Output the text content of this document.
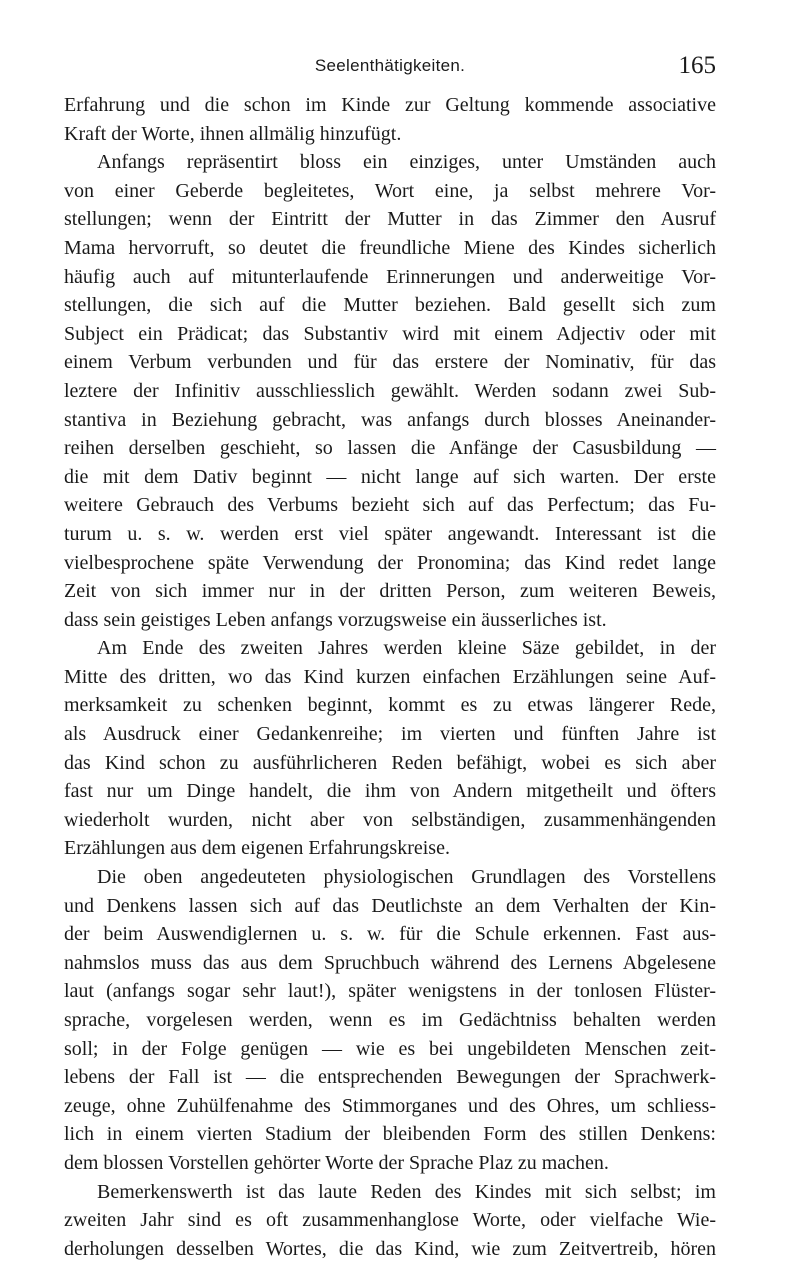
Seelenthätigkeiten.	165
Erfahrung und die schon im Kinde zur Geltung kommende associative
Kraft der Worte, ihnen allmälig hinzufügt.
Anfangs repräsentirt bloss ein einziges, unter Umständen auch
von einer Geberde begleitetes, Wort eine, ja selbst mehrere Vor-
stellungen; wenn der Eintritt der Mutter in das Zimmer den Ausruf
Mama hervorruft, so deutet die freundliche Miene des Kindes sicherlich
häufig auch auf mitunterlaufende Erinnerungen und anderweitige Vor-
stellungen, die sich auf die Mutter beziehen. Bald gesellt sich zum
Subject ein Prädicat; das Substantiv wird mit einem Adjectiv oder mit
einem Verbum verbunden und für das erstere der Nominativ, für das
leztere der Infinitiv ausschliesslich gewählt. Werden sodann zwei Sub-
stantiva in Beziehung gebracht, was anfangs durch blosses Aneinander-
reihen derselben geschieht, so lassen die Anfänge der Casusbildung —
die mit dem Dativ beginnt — nicht lange auf sich warten. Der erste
weitere Gebrauch des Verbums bezieht sich auf das Perfectum; das Fu-
turum u. s. w. werden erst viel später angewandt. Interessant ist die
vielbesprochene späte Verwendung der Pronomina; das Kind redet lange
Zeit von sich immer nur in der dritten Person, zum weiteren Beweis,
dass sein geistiges Leben anfangs vorzugsweise ein äusserliches ist.
Am Ende des zweiten Jahres werden kleine Säze gebildet, in der
Mitte des dritten, wo das Kind kurzen einfachen Erzählungen seine Auf-
merksamkeit zu schenken beginnt, kommt es zu etwas längerer Rede,
als Ausdruck einer Gedankenreihe; im vierten und fünften Jahre ist
das Kind schon zu ausführlicheren Reden befähigt, wobei es sich aber
fast nur um Dinge handelt, die ihm von Andern mitgetheilt und öfters
wiederholt wurden, nicht aber von selbständigen, zusammenhängenden
Erzählungen aus dem eigenen Erfahrungskreise.
Die oben angedeuteten physiologischen Grundlagen des Vorstellens
und Denkens lassen sich auf das Deutlichste an dem Verhalten der Kin-
der beim Auswendiglernen u. s. w. für die Schule erkennen. Fast aus-
nahmslos muss das aus dem Spruchbuch während des Lernens Abgelesene
laut (anfangs sogar sehr laut!), später wenigstens in der tonlosen Flüster-
sprache, vorgelesen werden, wenn es im Gedächtniss behalten werden
soll; in der Folge genügen — wie es bei ungebildeten Menschen zeit-
lebens der Fall ist — die entsprechenden Bewegungen der Sprachwerk-
zeuge, ohne Zuhülfenahme des Stimmorganes und des Ohres, um schliess-
lich in einem vierten Stadium der bleibenden Form des stillen Denkens:
dem blossen Vorstellen gehörter Worte der Sprache Plaz zu machen.
Bemerkenswerth ist das laute Reden des Kindes mit sich selbst; im
zweiten Jahr sind es oft zusammenhanglose Worte, oder vielfache Wie-
derholungen desselben Wortes, die das Kind, wie zum Zeitvertreib, hören
